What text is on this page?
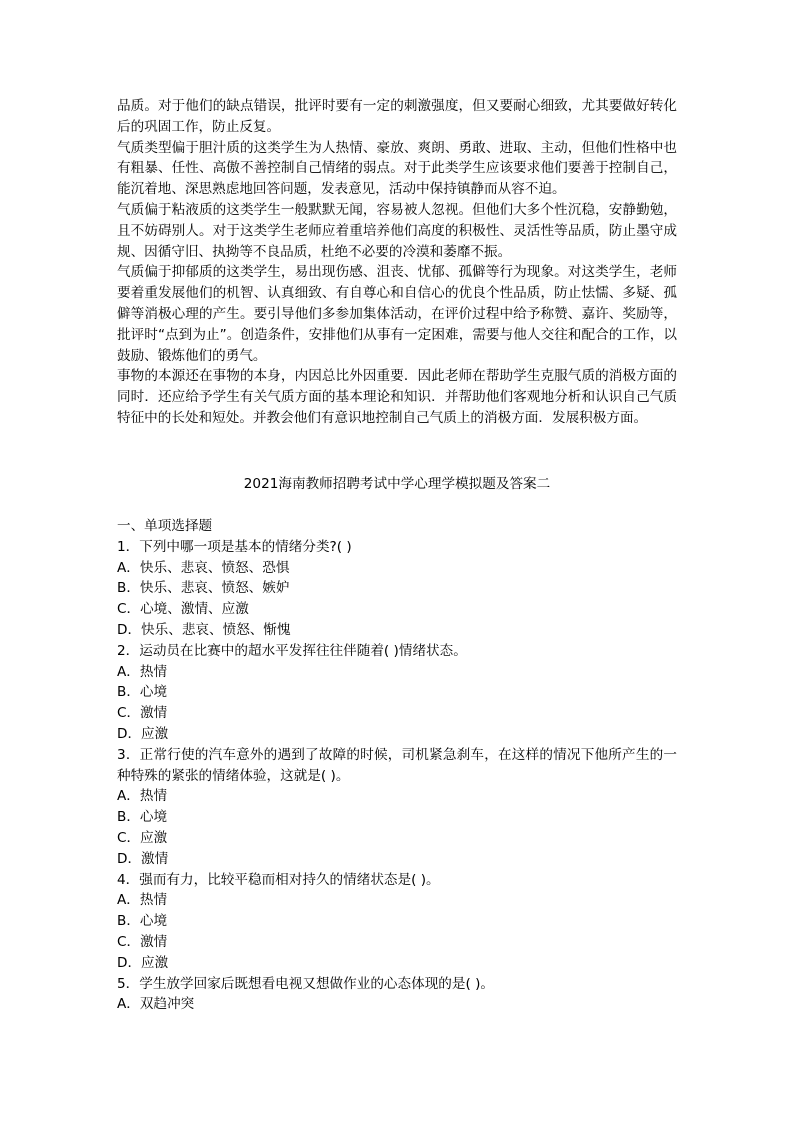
品质。对于他们的缺点错误，批评时要有一定的刺激强度，但又要耐心细致，尤其要做好转化后的巩固工作，防止反复。

气质类型偏于胆汁质的这类学生为人热情、豪放、爽朗、勇敢、进取、主动，但他们性格中也有粗暴、任性、高傲不善控制自己情绪的弱点。对于此类学生应该要求他们要善于控制自己，能沉着地、深思熟虑地回答问题，发表意见，活动中保持镇静而从容不迫。

气质偏于粘液质的这类学生一般默默无闻，容易被人忽视。但他们大多个性沉稳，安静勤勉，且不妨碍别人。对于这类学生老师应着重培养他们高度的积极性、灵活性等品质，防止墨守成规、因循守旧、执拗等不良品质，杜绝不必要的冷漠和萎靡不振。

气质偏于抑郁质的这类学生，易出现伤感、沮丧、忧郁、孤僻等行为现象。对这类学生，老师要着重发展他们的机智、认真细致、有自尊心和自信心的优良个性品质，防止怯懦、多疑、孤僻等消极心理的产生。要引导他们多参加集体活动，在评价过程中给予称赞、嘉许、奖励等，批评时“点到为止”。创造条件，安排他们从事有一定困难，需要与他人交往和配合的工作，以鼓励、锻炼他们的勇气。

事物的本源还在事物的本身，内因总比外因重要．因此老师在帮助学生克服气质的消极方面的同时．还应给予学生有关气质方面的基本理论和知识．并帮助他们客观地分析和认识自己气质特征中的长处和短处。并教会他们有意识地控制自己气质上的消极方面．发展积极方面。

2021海南教师招聘考试中学心理学模拟题及答案二

一、单项选择题

1．下列中哪一项是基本的情绪分类?( )

A．快乐、悲哀、愤怒、恐惧

B．快乐、悲哀、愤怒、嫉妒

C．心境、激情、应激

D．快乐、悲哀、愤怒、惭愧

2．运动员在比赛中的超水平发挥往往伴随着( )情绪状态。

A．热情

B．心境

C．激情

D．应激

3．正常行使的汽车意外的遇到了故障的时候，司机紧急刹车，在这样的情况下他所产生的一种特殊的紧张的情绪体验，这就是( )。

A．热情

B．心境

C．应激

D．激情

4．强而有力，比较平稳而相对持久的情绪状态是( )。

A．热情

B．心境

C．激情

D．应激

5．学生放学回家后既想看电视又想做作业的心态体现的是( )。

A．双趋冲突
